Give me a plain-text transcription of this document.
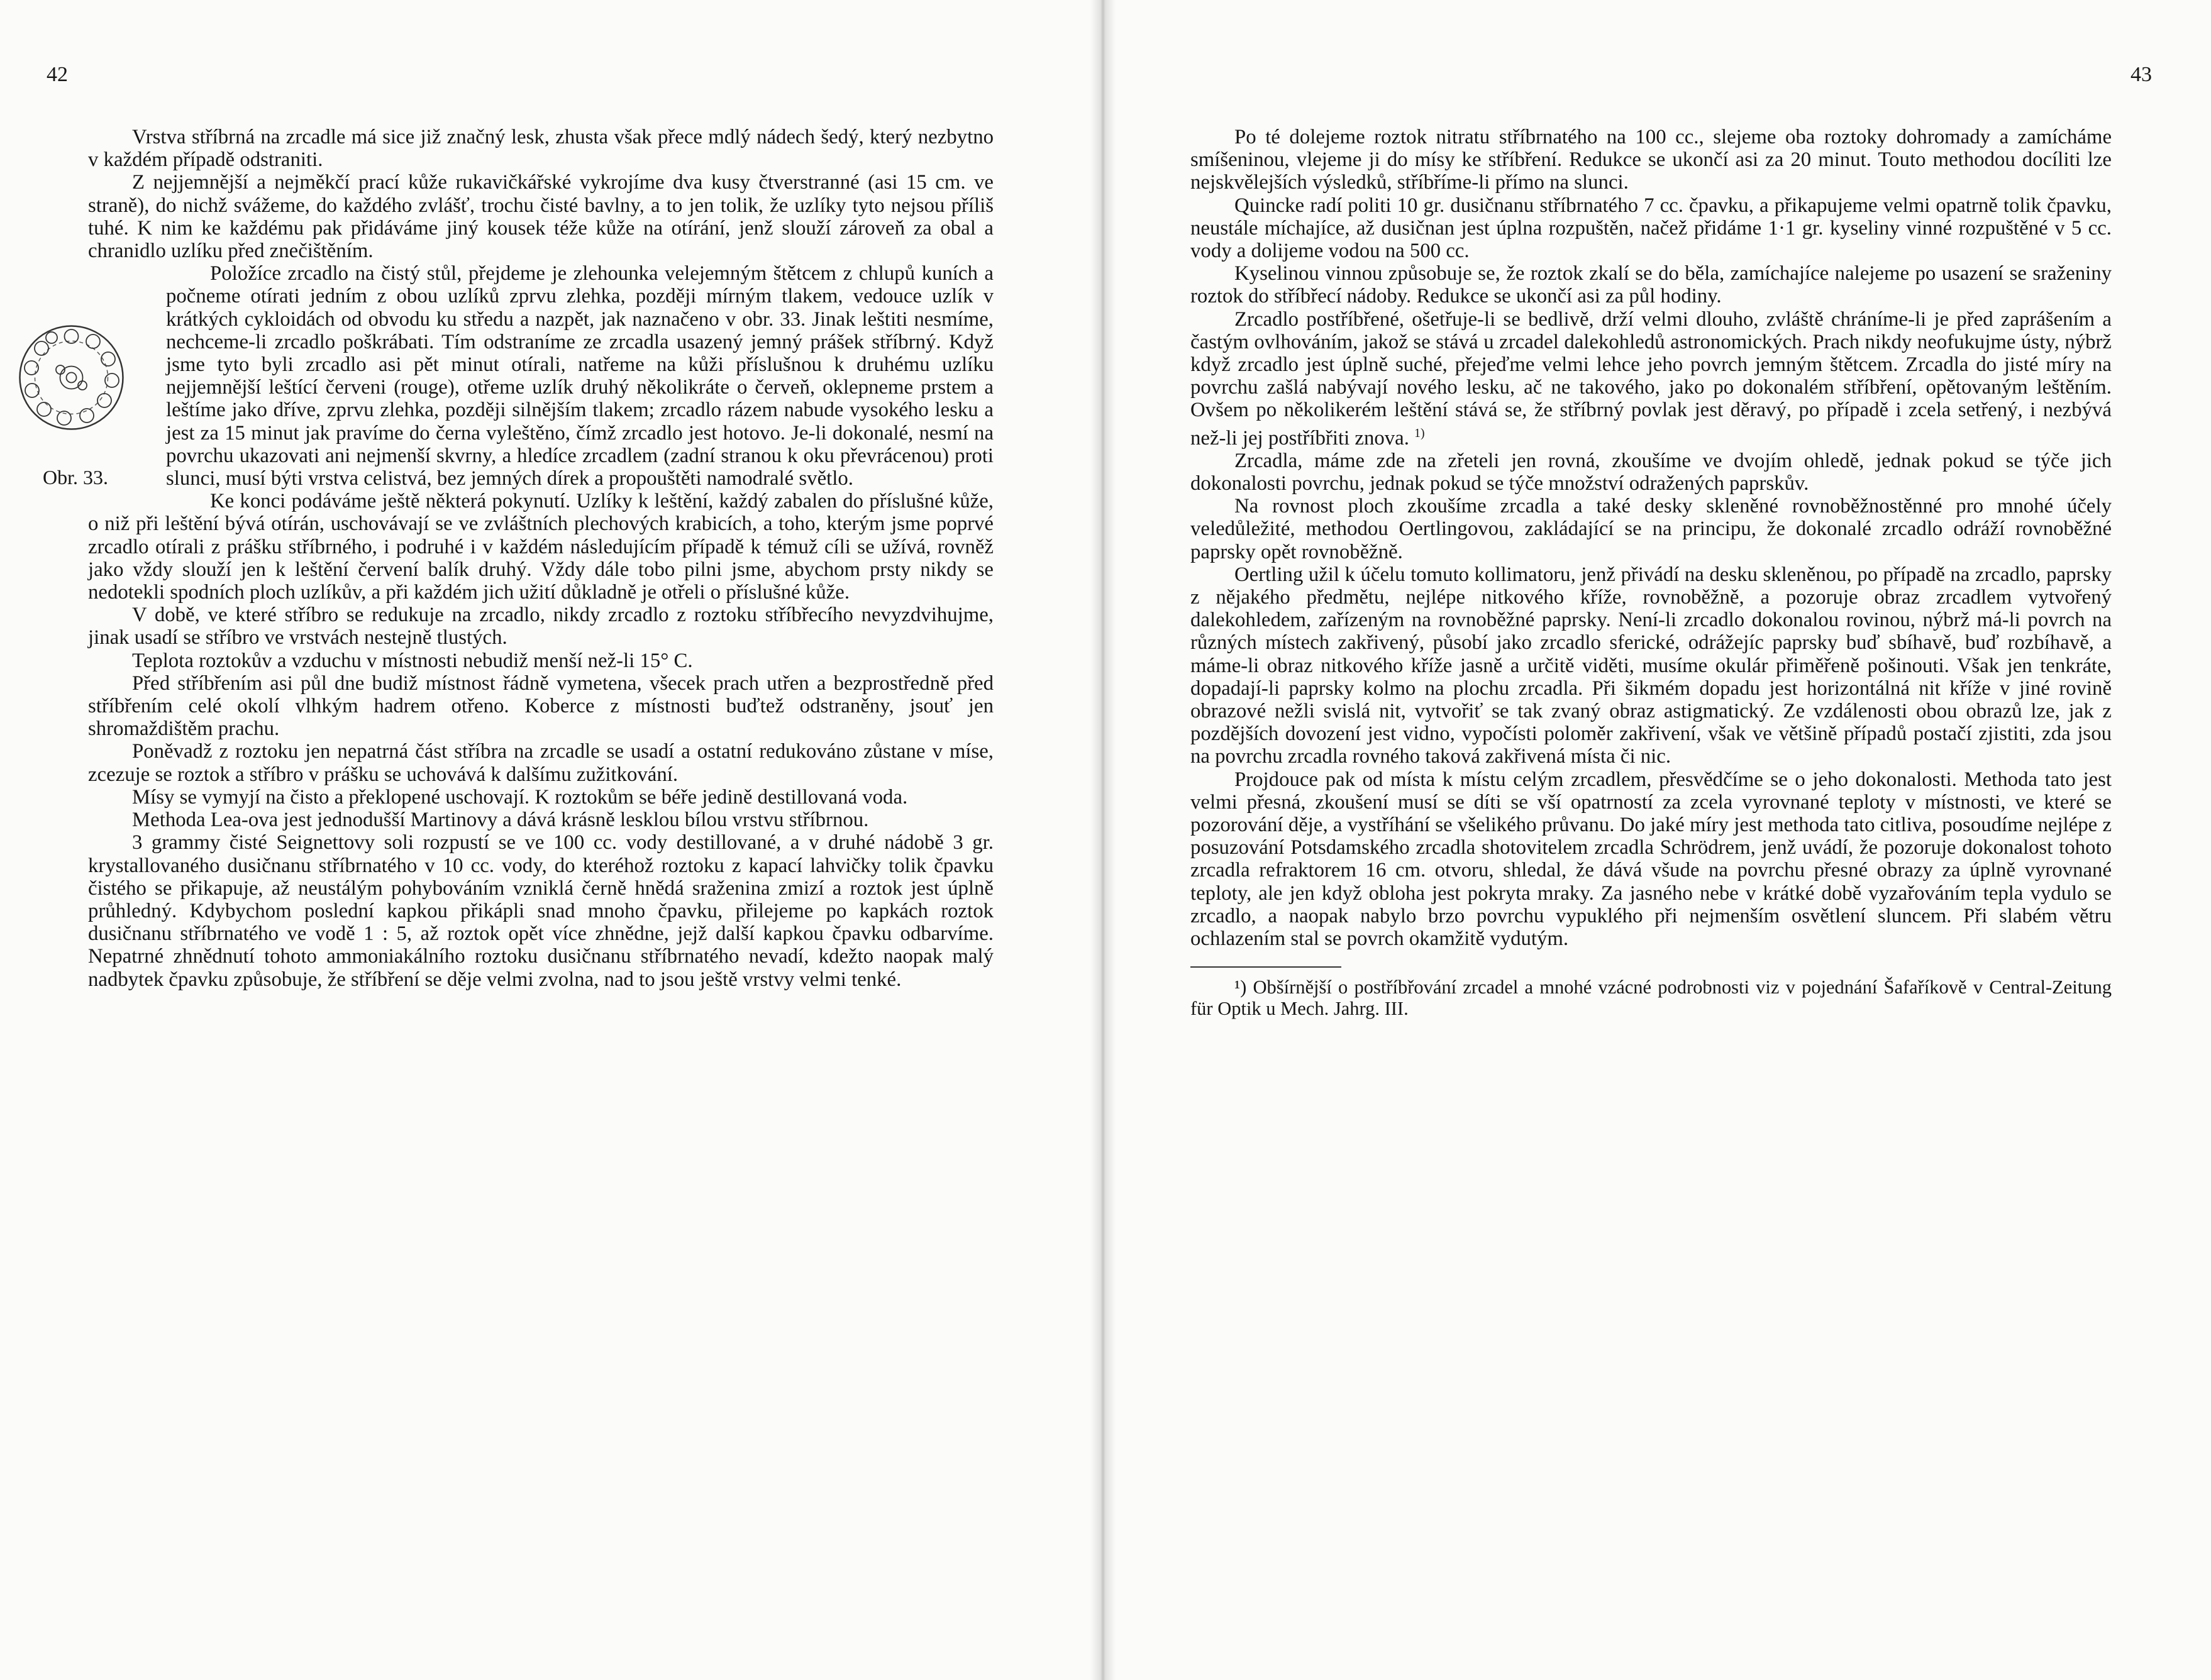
42

Vrstva stříbrná na zrcadle má sice již značný lesk, zhusta však přece mdlý nádech šedý, který nezbytno v každém případě odstraniti.

Z nejjemnější a nejměkčí prací kůže rukavičkářské vykrojíme dva kusy čtverstranné (asi 15 cm. ve straně), do nichž svážeme, do každého zvlášť, trochu čisté bavlny, a to jen tolik, že uzlíky tyto nejsou příliš tuhé. K nim ke každému pak přidáváme jiný kousek téže kůže na otírání, jenž slouží zároveň za obal a chranidlo uzlíku před znečištěním.

Obr. 33.

Položíce zrcadlo na čistý stůl, přejdeme je zlehounka velejemným štětcem z chlupů kuních a počneme otírati jedním z obou uzlíků zprvu zlehka, později mírným tlakem, vedouce uzlík v krátkých cykloidách od obvodu ku středu a nazpět, jak naznačeno v obr. 33. Jinak leštiti nesmíme, nechceme-li zrcadlo poškrábati. Tím odstraníme ze zrcadla usazený jemný prášek stříbrný. Když jsme tyto byli zrcadlo asi pět minut otírali, natřeme na kůži příslušnou k druhému uzlíku nejjemnější leštící červeni (rouge), otřeme uzlík druhý několikráte o červeň, oklepneme prstem a leštíme jako dříve, zprvu zlehka, později silnějším tlakem; zrcadlo rázem nabude vysokého lesku a jest za 15 minut jak pravíme do černa vyleštěno, čímž zrcadlo jest hotovo. Je-li dokonalé, nesmí na povrchu ukazovati ani nejmenší skvrny, a hledíce zrcadlem (zadní stranou k oku převrácenou) proti slunci, musí býti vrstva celistvá, bez jemných dírek a propouštěti namodralé světlo.

Ke konci podáváme ještě některá pokynutí. Uzlíky k leštění, každý zabalen do příslušné kůže, o niž při leštění bývá otírán, uschovávají se ve zvláštních plechových krabicích, a toho, kterým jsme poprvé zrcadlo otírali z prášku stříbrného, i podruhé i v každém následujícím případě k témuž cíli se užívá, rovněž jako vždy slouží jen k leštění červení balík druhý. Vždy dále tobo pilni jsme, abychom prsty nikdy se nedotekli spodních ploch uzlíkův, a při každém jich užití důkladně je otřeli o příslušné kůže.

V době, ve které stříbro se redukuje na zrcadlo, nikdy zrcadlo z roztoku stříbřecího nevyzdvihujme, jinak usadí se stříbro ve vrstvách nestejně tlustých.

Teplota roztokův a vzduchu v místnosti nebudiž menší než-li 15° C.

Před stříbřením asi půl dne budiž místnost řádně vymetena, všecek prach utřen a bezprostředně před stříbřením celé okolí vlhkým hadrem otřeno. Koberce z místnosti buďtež odstraněny, jsouť jen shromaždištěm prachu.

Poněvadž z roztoku jen nepatrná část stříbra na zrcadle se usadí a ostatní redukováno zůstane v míse, zcezuje se roztok a stříbro v prášku se uchovává k dalšímu zužitkování.

Mísy se vymyjí na čisto a překlopené uschovají. K roztokům se béře jedině destillovaná voda.

Methoda Lea-ova jest jednodušší Martinovy a dává krásně lesklou bílou vrstvu stříbrnou.

3 grammy čisté Seignettovy soli rozpustí se ve 100 cc. vody destillované, a v druhé nádobě 3 gr. krystallovaného dusičnanu stříbrnatého v 10 cc. vody, do kteréhož roztoku z kapací lahvičky tolik čpavku čistého se přikapuje, až neustálým pohybováním vzniklá černě hnědá sraženina zmizí a roztok jest úplně průhledný. Kdybychom poslední kapkou přikápli snad mnoho čpavku, přilejeme po kapkách roztok dusičnanu stříbrnatého ve vodě 1 : 5, až roztok opět více zhnědne, jejž další kapkou čpavku odbarvíme. Nepatrné zhnědnutí tohoto ammoniakálního roztoku dusičnanu stříbrnatého nevadí, kdežto naopak malý nadbytek čpavku způsobuje, že stříbření se děje velmi zvolna, nad to jsou ještě vrstvy velmi tenké.

43

Po té dolejeme roztok nitratu stříbrnatého na 100 cc., slejeme oba roztoky dohromady a zamícháme smíšeninou, vlejeme ji do mísy ke stříbření. Redukce se ukončí asi za 20 minut. Touto methodou docíliti lze nejskvělejších výsledků, stříbříme-li přímo na slunci.

Quincke radí politi 10 gr. dusičnanu stříbrnatého 7 cc. čpavku, a přikapujeme velmi opatrně tolik čpavku, neustále míchajíce, až dusičnan jest úplna rozpuštěn, načež přidáme 1·1 gr. kyseliny vinné rozpuštěné v 5 cc. vody a dolijeme vodou na 500 cc.

Kyselinou vinnou způsobuje se, že roztok zkalí se do běla, zamíchajíce nalejeme po usazení se sraženiny roztok do stříbřecí nádoby. Redukce se ukončí asi za půl hodiny.

Zrcadlo postříbřené, ošetřuje-li se bedlivě, drží velmi dlouho, zvláště chráníme-li je před zaprášením a častým ovlhováním, jakož se stává u zrcadel dalekohledů astronomických. Prach nikdy neofukujme ústy, nýbrž když zrcadlo jest úplně suché, přejeďme velmi lehce jeho povrch jemným štětcem. Zrcadla do jisté míry na povrchu zašlá nabývají nového lesku, ač ne takového, jako po dokonalém stříbření, opětovaným leštěním. Ovšem po několikerém leštění stává se, že stříbrný povlak jest děravý, po případě i zcela setřený, i nezbývá než-li jej postříbřiti znova. $^{1)}$

Zrcadla, máme zde na zřeteli jen rovná, zkoušíme ve dvojím ohledě, jednak pokud se týče jich dokonalosti povrchu, jednak pokud se týče množství odražených paprskův.

Na rovnost ploch zkoušíme zrcadla a také desky skleněné rovnoběžnostěnné pro mnohé účely veledůležité, methodou Oertlingovou, zakládající se na principu, že dokonalé zrcadlo odráží rovnoběžné paprsky opět rovnoběžně.

Oertling užil k účelu tomuto kollimatoru, jenž přivádí na desku skleněnou, po případě na zrcadlo, paprsky z nějakého předmětu, nejlépe nitkového kříže, rovnoběžně, a pozoruje obraz zrcadlem vytvořený dalekohledem, zařízeným na rovnoběžné paprsky. Není-li zrcadlo dokonalou rovinou, nýbrž má-li povrch na různých místech zakřivený, působí jako zrcadlo sferické, odrážejíc paprsky buď sbíhavě, buď rozbíhavě, a máme-li obraz nitkového kříže jasně a určitě viděti, musíme okulár přiměřeně pošinouti. Však jen tenkráte, dopadají-li paprsky kolmo na plochu zrcadla. Při šikmém dopadu jest horizontálná nit kříže v jiné rovině obrazové nežli svislá nit, vytvořiť se tak zvaný obraz astigmatický. Ze vzdálenosti obou obrazů lze, jak z pozdějších dovození jest vidno, vypočísti poloměr zakřivení, však ve většině případů postačí zjistiti, zda jsou na povrchu zrcadla rovného taková zakřivená místa či nic.

Projdouce pak od místa k místu celým zrcadlem, přesvědčíme se o jeho dokonalosti. Methoda tato jest velmi přesná, zkoušení musí se díti se vší opatrností za zcela vyrovnané teploty v místnosti, ve které se pozorování děje, a vystříhání se všelikého průvanu. Do jaké míry jest methoda tato citliva, posoudíme nejlépe z posuzování Potsdamského zrcadla shotovitelem zrcadla Schrödrem, jenž uvádí, že pozoruje dokonalost tohoto zrcadla refraktorem 16 cm. otvoru, shledal, že dává všude na povrchu přesné obrazy za úplně vyrovnané teploty, ale jen když obloha jest pokryta mraky. Za jasného nebe v krátké době vyzařováním tepla vydulo se zrcadlo, a naopak nabylo brzo povrchu vypuklého při nejmenším osvětlení sluncem. Při slabém větru ochlazením stal se povrch okamžitě vydutým.

¹) Obšírnější o postříbřování zrcadel a mnohé vzácné podrobnosti viz v pojednání Šafaříkově v Central-Zeitung für Optik u Mech. Jahrg. III.
